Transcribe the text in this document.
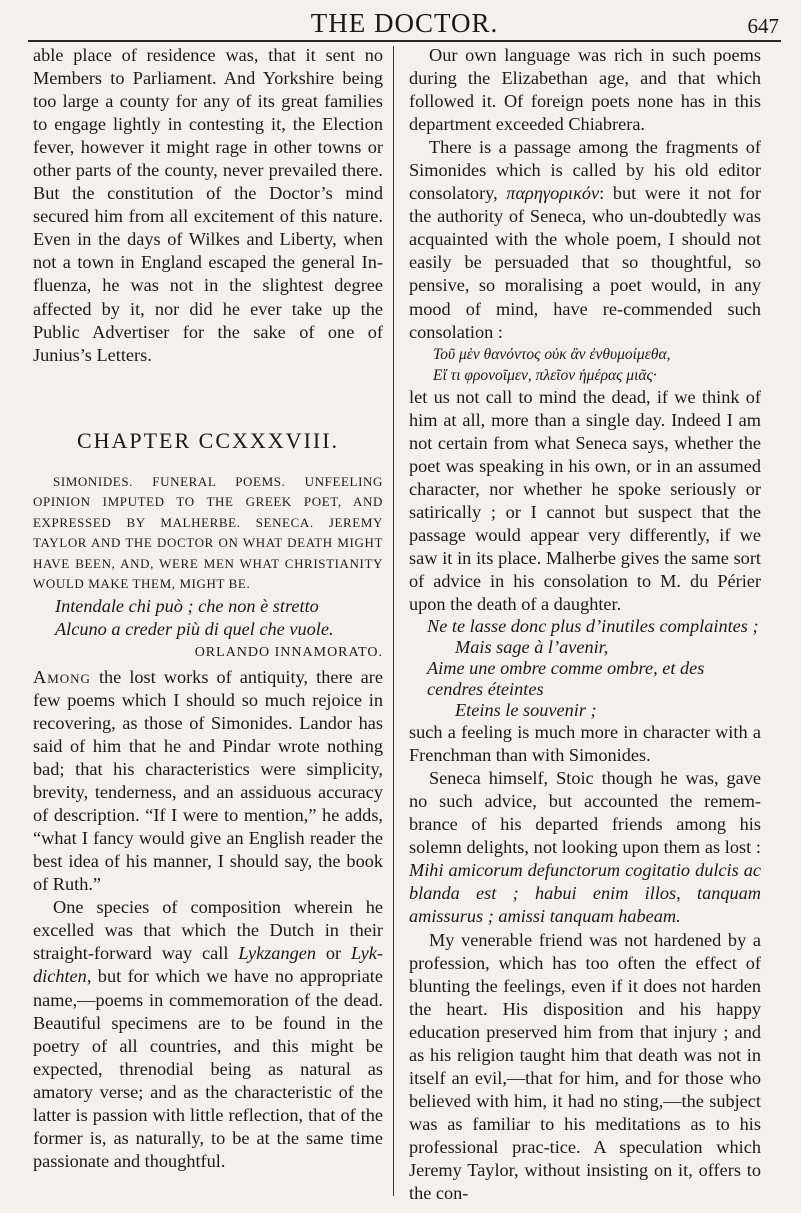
THE DOCTOR.	647

able place of residence was, that it sent no Members to Parliament. And Yorkshire being too large a county for any of its great families to engage lightly in contesting it, the Election fever, however it might rage in other towns or other parts of the county, never prevailed there. But the constitution of the Doctor’s mind secured him from all excitement of this nature. Even in the days of Wilkes and Liberty, when not a town in England escaped the general In-fluenza, he was not in the slightest degree affected by it, nor did he ever take up the Public Advertiser for the sake of one of Junius’s Letters.

CHAPTER CCXXXVIII.

SIMONIDES. FUNERAL POEMS. UNFEELING OPINION IMPUTED TO THE GREEK POET, AND EXPRESSED BY MALHERBE. SENECA. JEREMY TAYLOR AND THE DOCTOR ON WHAT DEATH MIGHT HAVE BEEN, AND, WERE MEN WHAT CHRISTIANITY WOULD MAKE THEM, MIGHT BE.

Intendale chi può ; che non è stretto
Alcuno a creder più di quel che vuole.
ORLANDO INNAMORATO.

Among the lost works of antiquity, there are few poems which I should so much rejoice in recovering, as those of Simonides. Landor has said of him that he and Pindar wrote nothing bad; that his characteristics were simplicity, brevity, tenderness, and an assiduous accuracy of description. “If I were to mention,” he adds, “what I fancy would give an English reader the best idea of his manner, I should say, the book of Ruth.”

One species of composition wherein he excelled was that which the Dutch in their straight-forward way call Lykzangen or Lyk-dichten, but for which we have no appropriate name,—poems in commemoration of the dead. Beautiful specimens are to be found in the poetry of all countries, and this might be expected, threnodial being as natural as amatory verse; and as the characteristic of the latter is passion with little reflection, that of the former is, as naturally, to be at the same time passionate and thoughtful.

Our own language was rich in such poems during the Elizabethan age, and that which followed it. Of foreign poets none has in this department exceeded Chiabrera.

There is a passage among the fragments of Simonides which is called by his old editor consolatory, παρηγορικόν: but were it not for the authority of Seneca, who un-doubtedly was acquainted with the whole poem, I should not easily be persuaded that so thoughtful, so pensive, so moralising a poet would, in any mood of mind, have re-commended such consolation :

Τοῦ μὲν θανόντος οὐκ ἂν ἐνθυμοίμεθα,
Εἴ τι φρονοῖμεν, πλεῖον ἡμέρας μιᾶς·

let us not call to mind the dead, if we think of him at all, more than a single day. Indeed I am not certain from what Seneca says, whether the poet was speaking in his own, or in an assumed character, nor whether he spoke seriously or satirically ; or I cannot but suspect that the passage would appear very differently, if we saw it in its place. Malherbe gives the same sort of advice in his consolation to M. du Périer upon the death of a daughter.

Ne te lasse donc plus d’inutiles complaintes ;
Mais sage à l’avenir,
Aime une ombre comme ombre, et des cendres éteintes
Eteins le souvenir ;

such a feeling is much more in character with a Frenchman than with Simonides.

Seneca himself, Stoic though he was, gave no such advice, but accounted the remem-brance of his departed friends among his solemn delights, not looking upon them as lost : Mihi amicorum defunctorum cogitatio dulcis ac blanda est ; habui enim illos, tanquam amissurus ; amissi tanquam habeam.

My venerable friend was not hardened by a profession, which has too often the effect of blunting the feelings, even if it does not harden the heart. His disposition and his happy education preserved him from that injury ; and as his religion taught him that death was not in itself an evil,—that for him, and for those who believed with him, it had no sting,—the subject was as familiar to his meditations as to his professional prac-tice. A speculation which Jeremy Taylor, without insisting on it, offers to the con-
